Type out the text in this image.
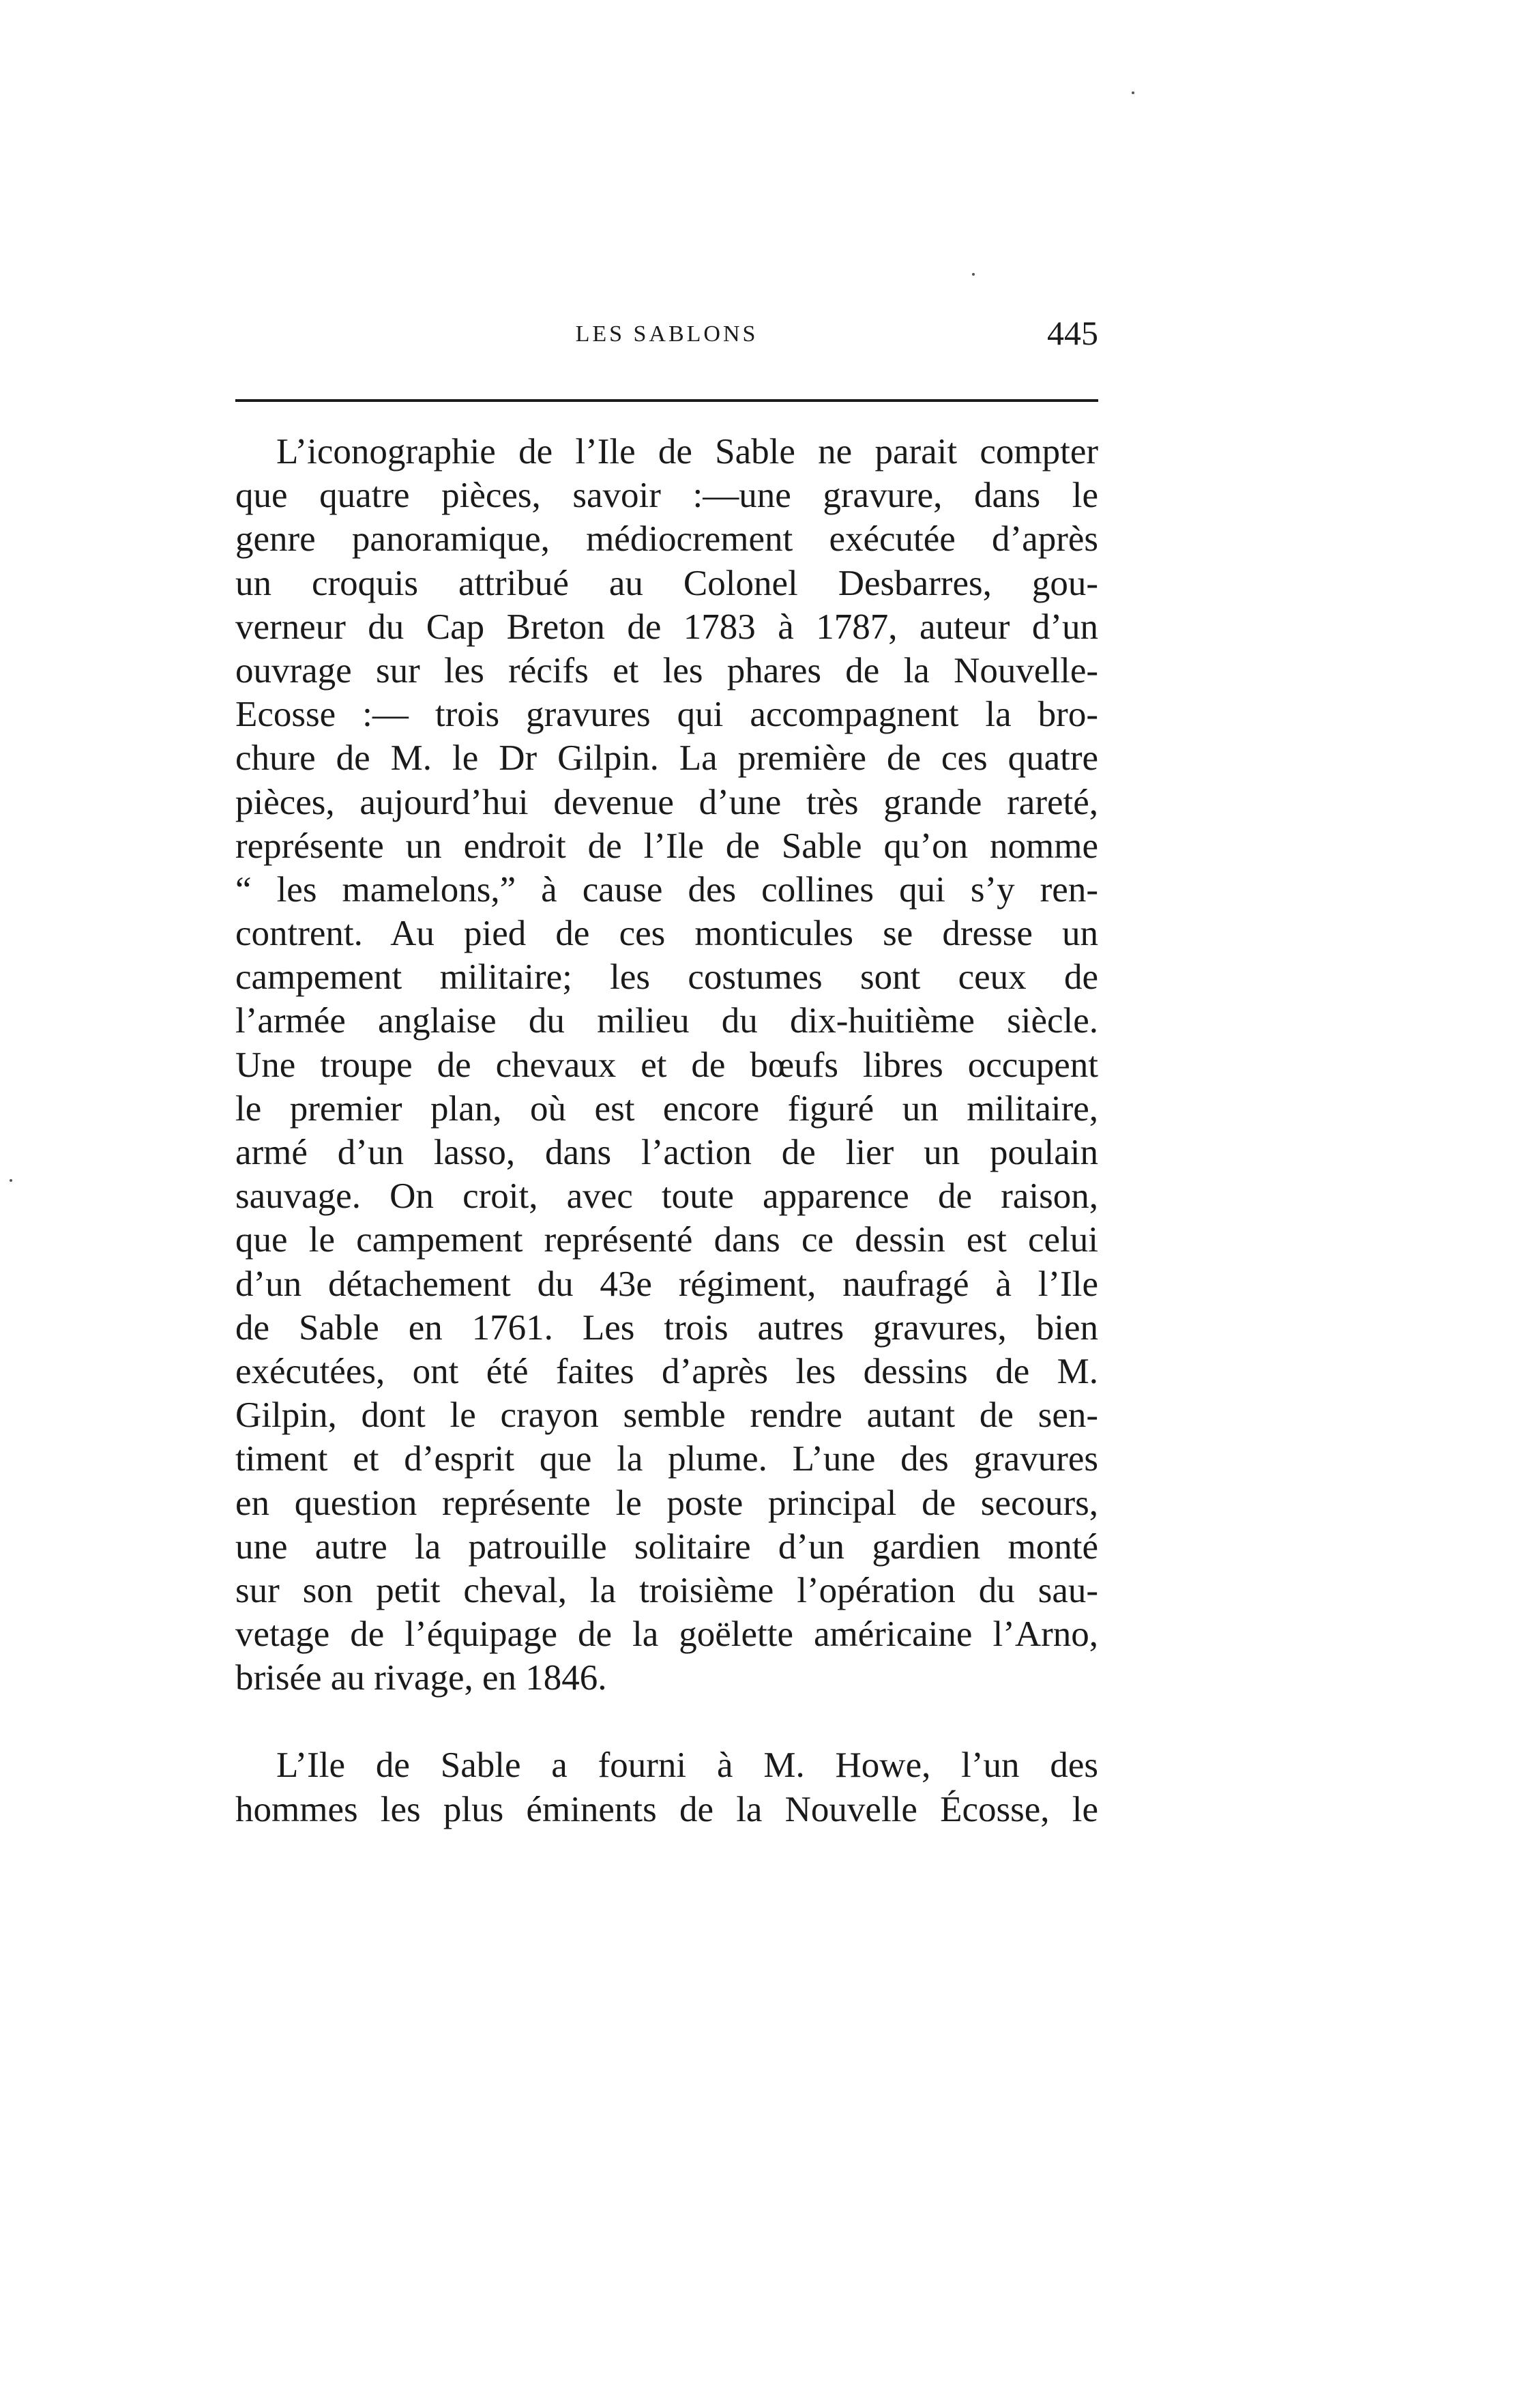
LES SABLONS	445
L’iconographie de l’Ile de Sable ne parait compter
que quatre pièces, savoir :—une gravure, dans le
genre panoramique, médiocrement exécutée d’après
un croquis attribué au Colonel Desbarres, gou-
verneur du Cap Breton de 1783 à 1787, auteur d’un
ouvrage sur les récifs et les phares de la Nouvelle-
Ecosse :— trois gravures qui accompagnent la bro-
chure de M. le Dr Gilpin. La première de ces quatre
pièces, aujourd’hui devenue d’une très grande rareté,
représente un endroit de l’Ile de Sable qu’on nomme
“ les mamelons,” à cause des collines qui s’y ren-
contrent. Au pied de ces monticules se dresse un
campement militaire; les costumes sont ceux de
l’armée anglaise du milieu du dix-huitième siècle.
Une troupe de chevaux et de bœufs libres occupent
le premier plan, où est encore figuré un militaire,
armé d’un lasso, dans l’action de lier un poulain
sauvage. On croit, avec toute apparence de raison,
que le campement représenté dans ce dessin est celui
d’un détachement du 43e régiment, naufragé à l’Ile
de Sable en 1761. Les trois autres gravures, bien
exécutées, ont été faites d’après les dessins de M.
Gilpin, dont le crayon semble rendre autant de sen-
timent et d’esprit que la plume. L’une des gravures
en question représente le poste principal de secours,
une autre la patrouille solitaire d’un gardien monté
sur son petit cheval, la troisième l’opération du sau-
vetage de l’équipage de la goëlette américaine l’Arno,
brisée au rivage, en 1846.
L’Ile de Sable a fourni à M. Howe, l’un des
hommes les plus éminents de la Nouvelle Écosse, le
